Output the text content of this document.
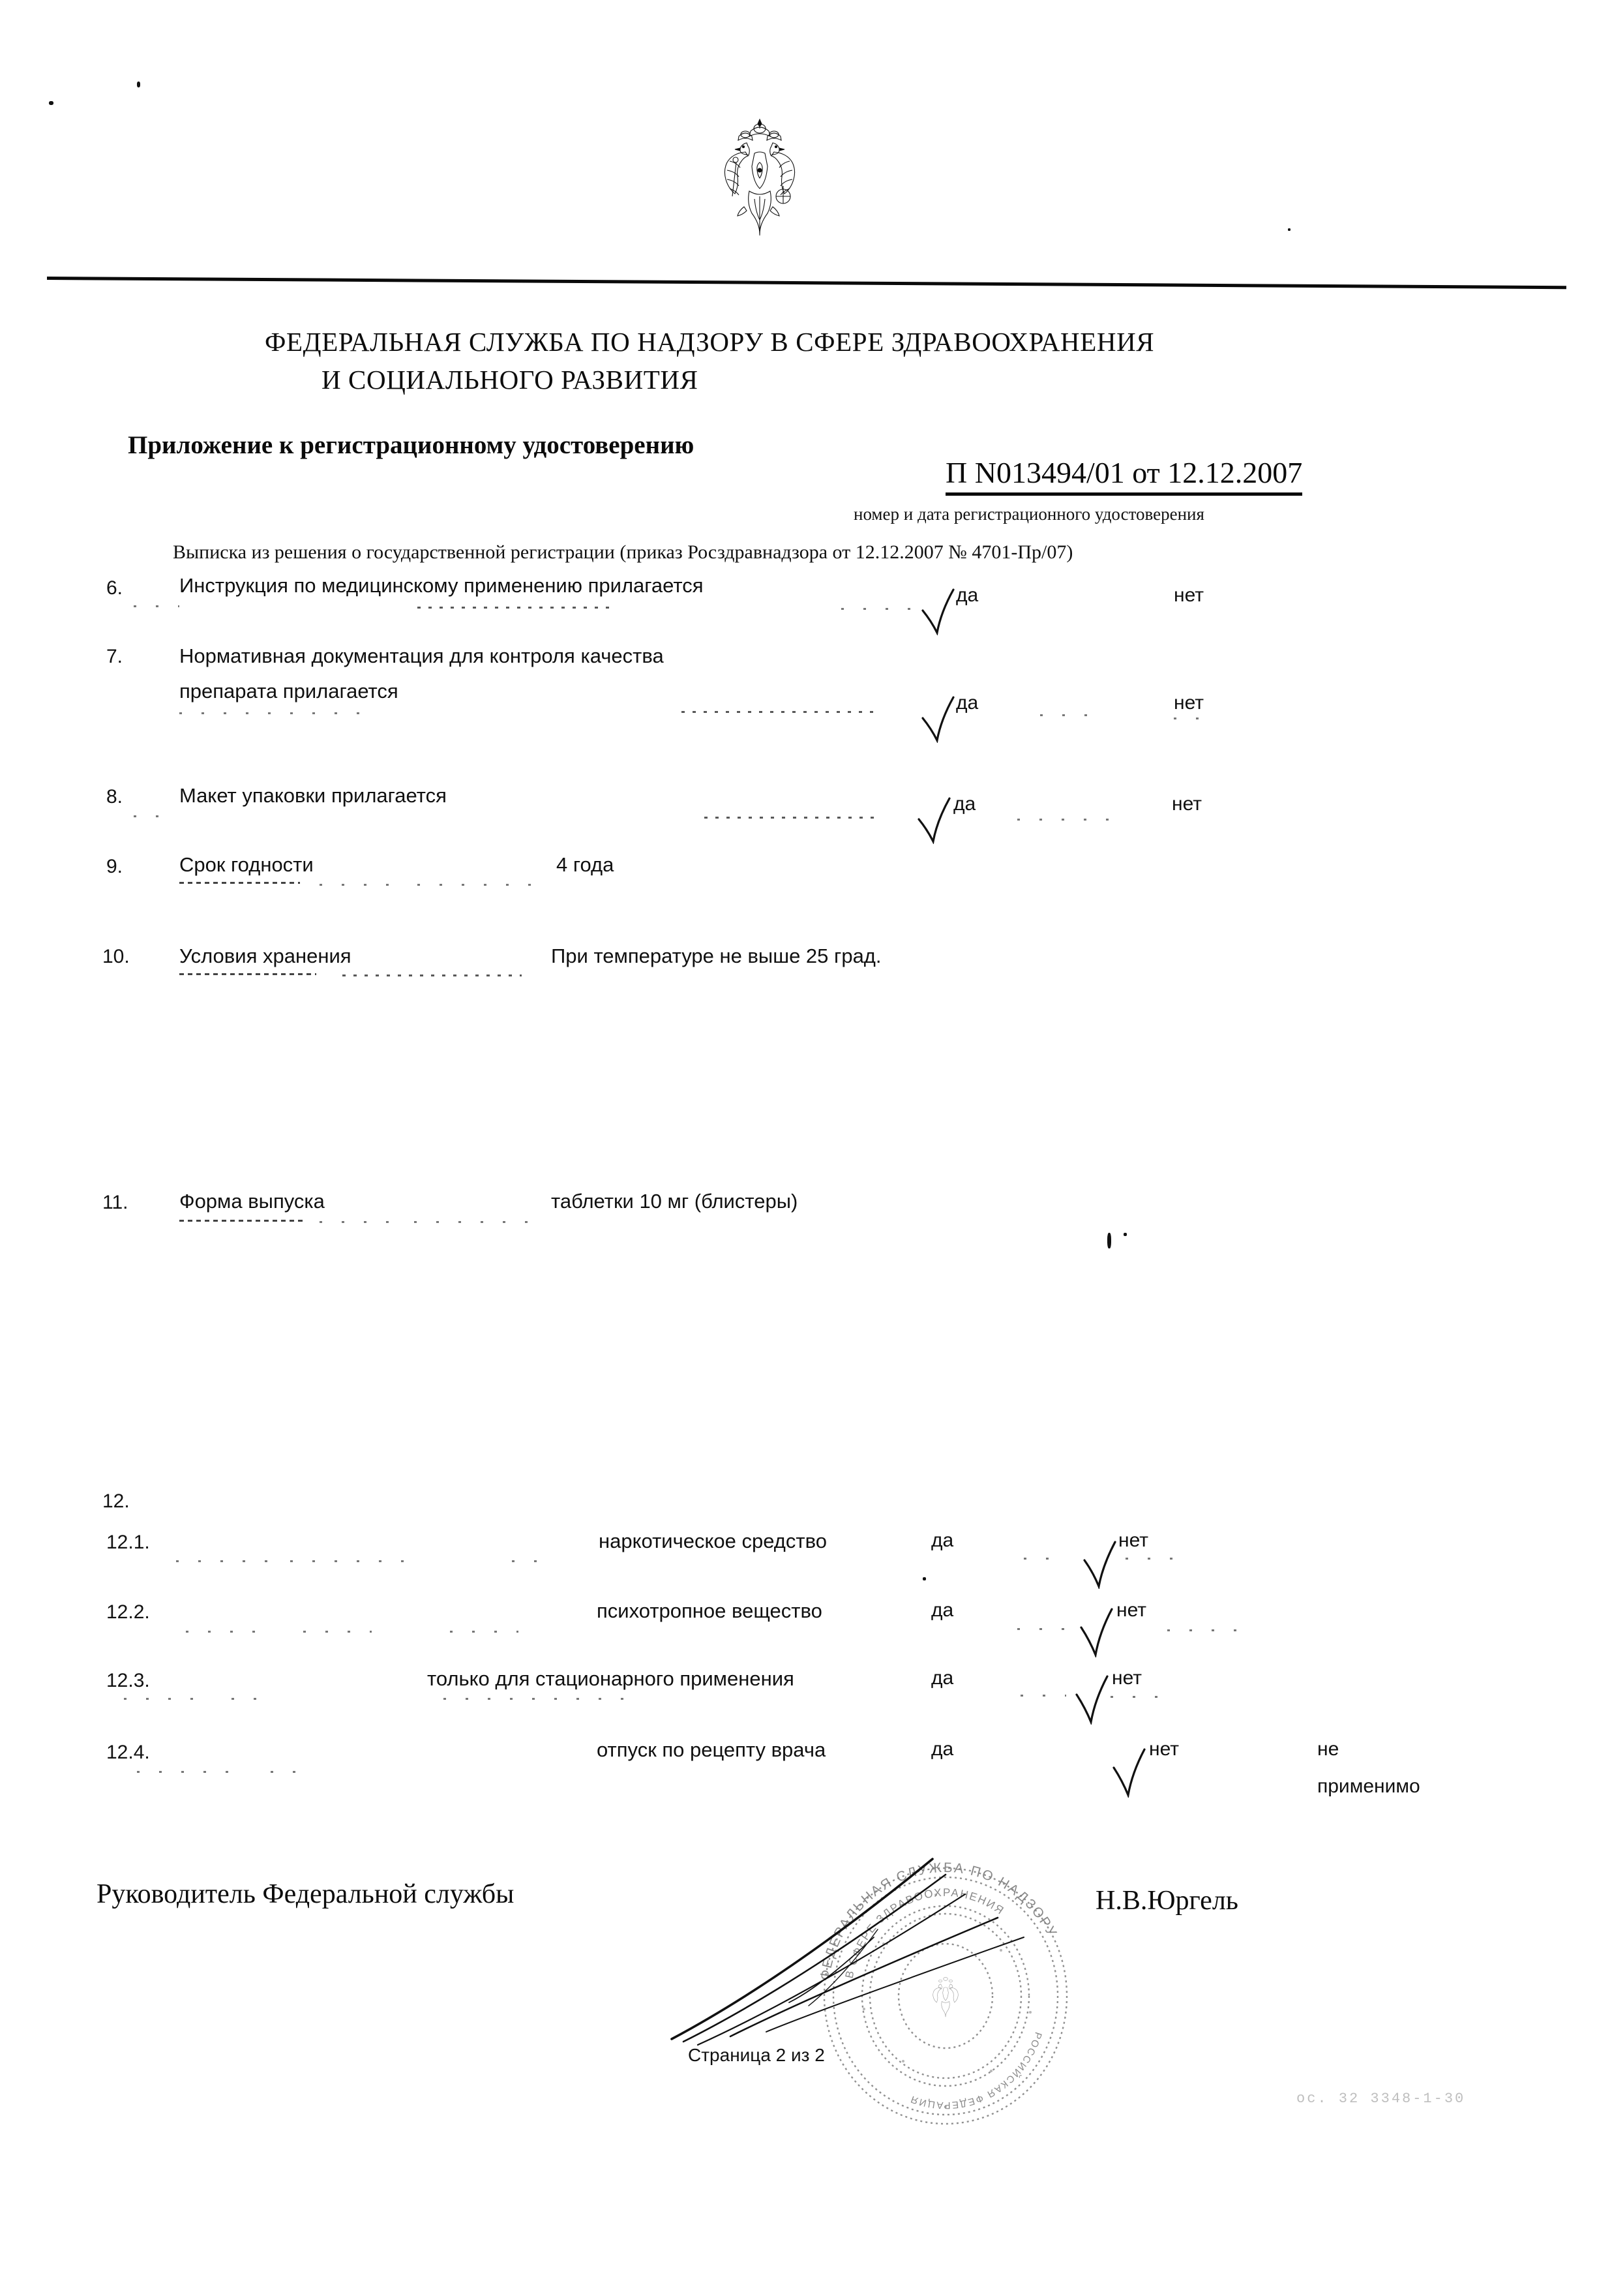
ФЕДЕРАЛЬНАЯ СЛУЖБА ПО НАДЗОРУ В СФЕРЕ ЗДРАВООХРАНЕНИЯ
И СОЦИАЛЬНОГО РАЗВИТИЯ
Приложение к регистрационному удостоверению
П N013494/01 от 12.12.2007
номер и дата регистрационного удостоверения
Выписка из решения о государственной регистрации (приказ Росздравнадзора от 12.12.2007 № 4701-Пр/07)
6.	Инструкция по медицинскому применению прилагается	да	нет
7.	Нормативная документация для контроля качества
препарата прилагается
да	нет
8.	Макет упаковки прилагается	да	нет
9.	Срок годности	4 года
10. Условия хранения	При температуре не выше 25 град.
11.	Форма выпуска	таблетки 10 мг (блистеры)
12.
12.1.	наркотическое средство	да	нет
12.2.	психотропное вещество	да	нет
12.3.	только для стационарного применения	да	нет
12.4.	отпуск по рецепту врача	да	нет	не
применимо
Руководитель Федеральной службы
ФЕДЕРАЛЬНАЯ СЛУЖБА ПО НАДЗОРУ
В СФЕРЕ ЗДРАВООХРАНЕНИЯ
РОССИЙСКАЯ ФЕДЕРАЦИЯ
Н.В.Юргель
Страница 2 из 2
ос. 32 3348-1-30
